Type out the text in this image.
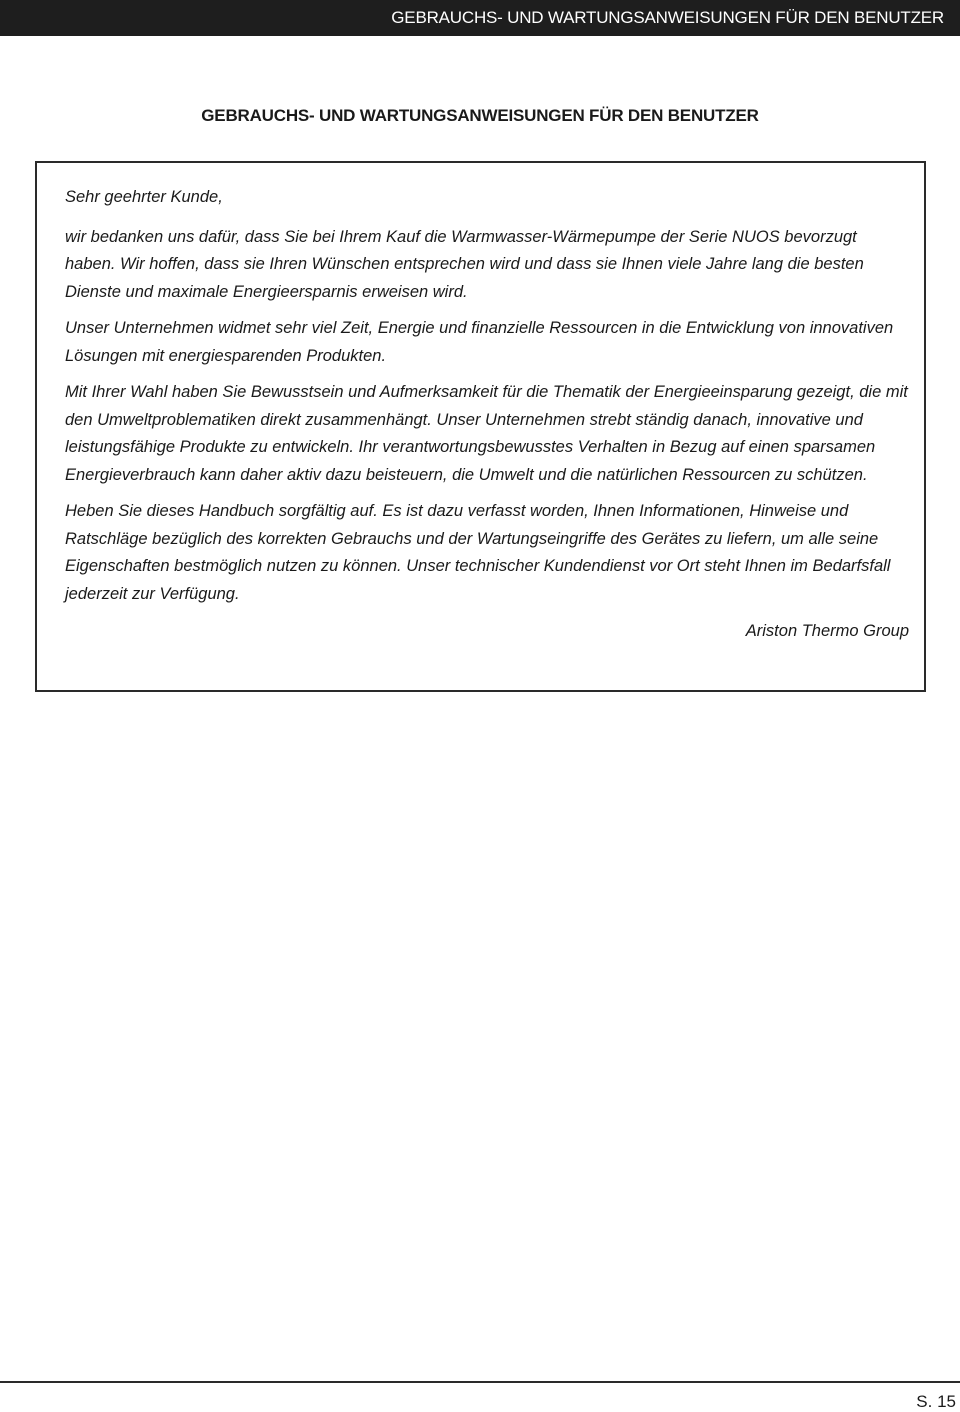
GEBRAUCHS- UND WARTUNGSANWEISUNGEN FÜR DEN BENUTZER
GEBRAUCHS- UND WARTUNGSANWEISUNGEN FÜR DEN BENUTZER

Sehr geehrter Kunde,

wir bedanken uns dafür, dass Sie bei Ihrem Kauf die Warmwasser-Wärmepumpe der Serie NUOS bevorzugt haben. Wir hoffen, dass sie Ihren Wünschen entsprechen wird und dass sie Ihnen viele Jahre lang die besten Dienste und maximale Energieersparnis erweisen wird.

Unser Unternehmen widmet sehr viel Zeit, Energie und finanzielle Ressourcen in die Entwicklung von innovativen Lösungen mit energiesparenden Produkten.

Mit Ihrer Wahl haben Sie Bewusstsein und Aufmerksamkeit für die Thematik der Energieeinsparung gezeigt, die mit den Umweltproblematiken direkt zusammenhängt. Unser Unternehmen strebt ständig danach, innovative und leistungsfähige Produkte zu entwickeln. Ihr verantwortungsbewusstes Verhalten in Bezug auf einen sparsamen Energieverbrauch kann daher aktiv dazu beisteuern, die Umwelt und die natürlichen Ressourcen zu schützen.

Heben Sie dieses Handbuch sorgfältig auf. Es ist dazu verfasst worden, Ihnen Informationen, Hinweise und Ratschläge bezüglich des korrekten Gebrauchs und der Wartungseingriffe des Gerätes zu liefern, um alle seine Eigenschaften bestmöglich nutzen zu können. Unser technischer Kundendienst vor Ort steht Ihnen im Bedarfsfall jederzeit zur Verfügung.

Ariston Thermo Group

S. 15
